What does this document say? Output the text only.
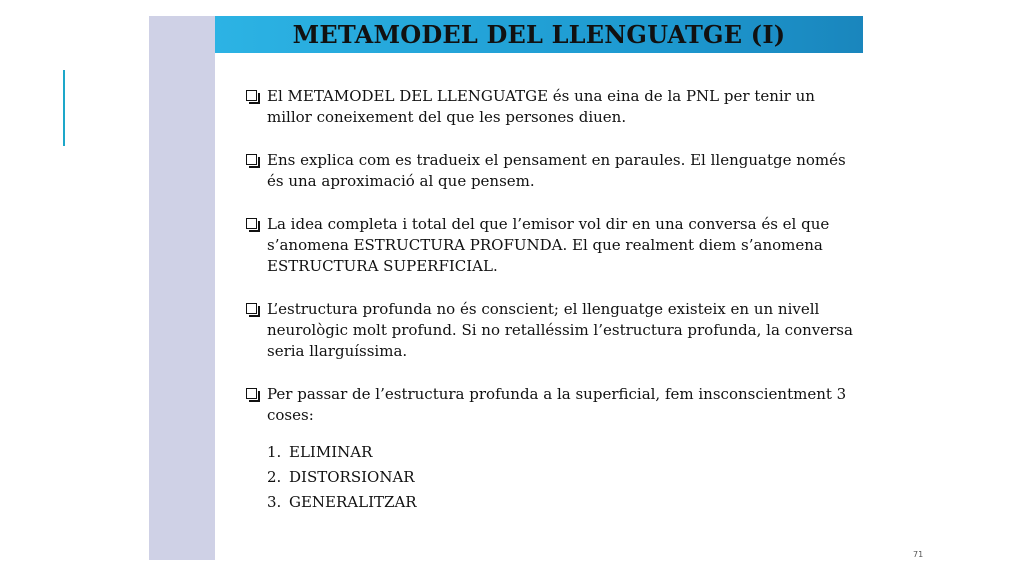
METAMODEL DEL LLENGUATGE (I)
El METAMODEL DEL LLENGUATGE és una eina de la PNL per tenir un millor coneixement del que les persones diuen.
Ens explica com es tradueix el pensament en paraules. El llenguatge només és una aproximació al que pensem.
La idea completa i total del que l’emisor vol dir en una conversa és el que s’anomena ESTRUCTURA PROFUNDA. El que realment diem s’anomena ESTRUCTURA SUPERFICIAL.
L’estructura profunda no és conscient; el llenguatge existeix en un nivell neurològic molt profund. Si no retalléssim l’estructura profunda, la conversa seria llarguíssima.
Per passar de l’estructura profunda a la superficial, fem insconscientment 3 coses:
1. ELIMINAR
2. DISTORSIONAR
3. GENERALITZAR
71
